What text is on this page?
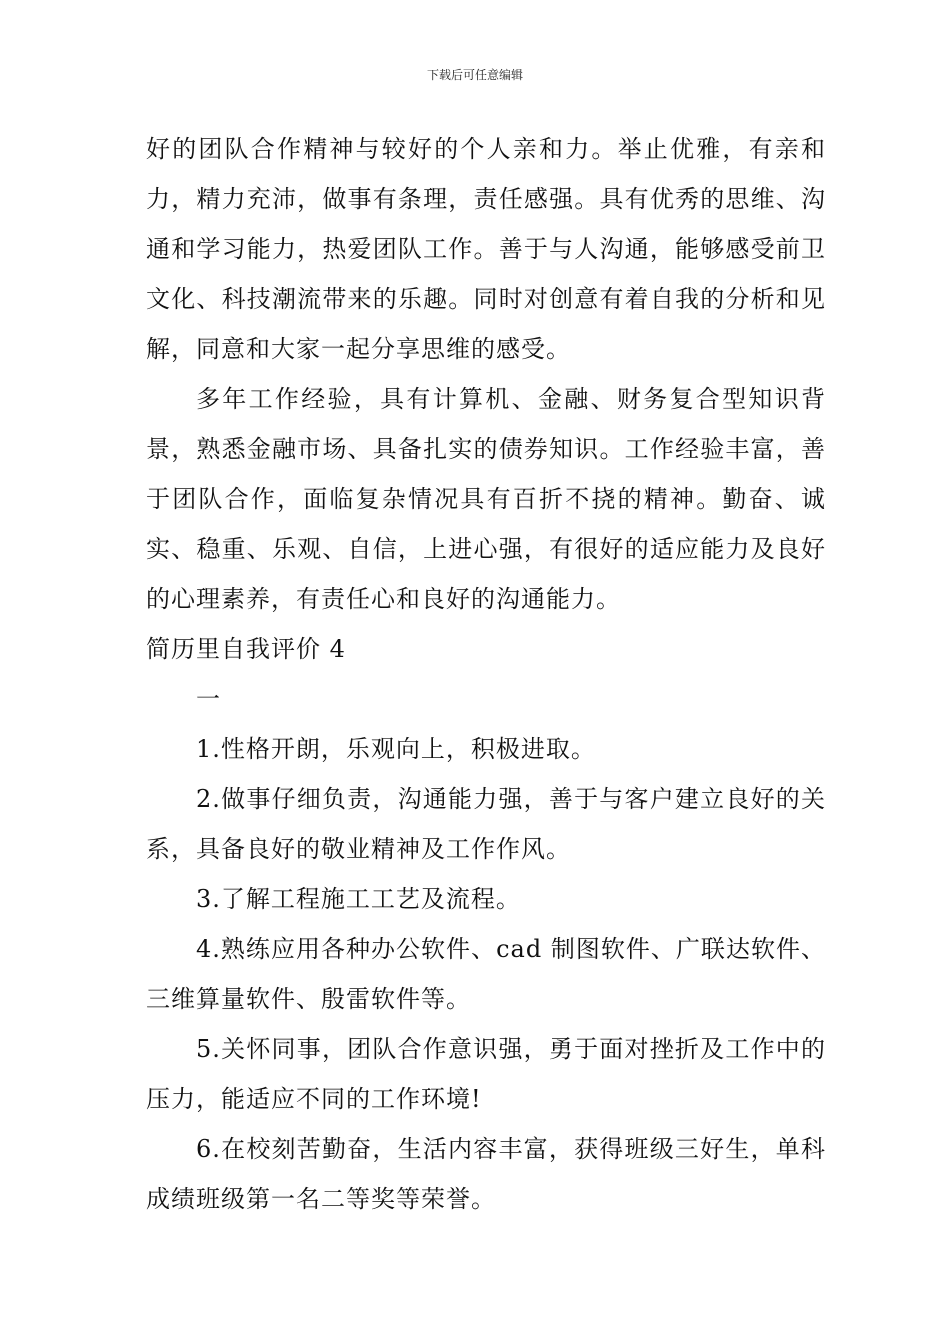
下载后可任意编辑

好的团队合作精神与较好的个人亲和力。举止优雅，有亲和力，精力充沛，做事有条理，责任感强。具有优秀的思维、沟通和学习能力，热爱团队工作。善于与人沟通，能够感受前卫文化、科技潮流带来的乐趣。同时对创意有着自我的分析和见解，同意和大家一起分享思维的感受。

多年工作经验，具有计算机、金融、财务复合型知识背景，熟悉金融市场、具备扎实的债券知识。工作经验丰富，善于团队合作，面临复杂情况具有百折不挠的精神。勤奋、诚实、稳重、乐观、自信，上进心强，有很好的适应能力及良好的心理素养，有责任心和良好的沟通能力。

简历里自我评价 4

一

1.性格开朗，乐观向上，积极进取。

2.做事仔细负责，沟通能力强，善于与客户建立良好的关系，具备良好的敬业精神及工作作风。

3.了解工程施工工艺及流程。

4.熟练应用各种办公软件、cad 制图软件、广联达软件、三维算量软件、殷雷软件等。

5.关怀同事，团队合作意识强，勇于面对挫折及工作中的压力，能适应不同的工作环境!

6.在校刻苦勤奋，生活内容丰富，获得班级三好生，单科成绩班级第一名二等奖等荣誉。
